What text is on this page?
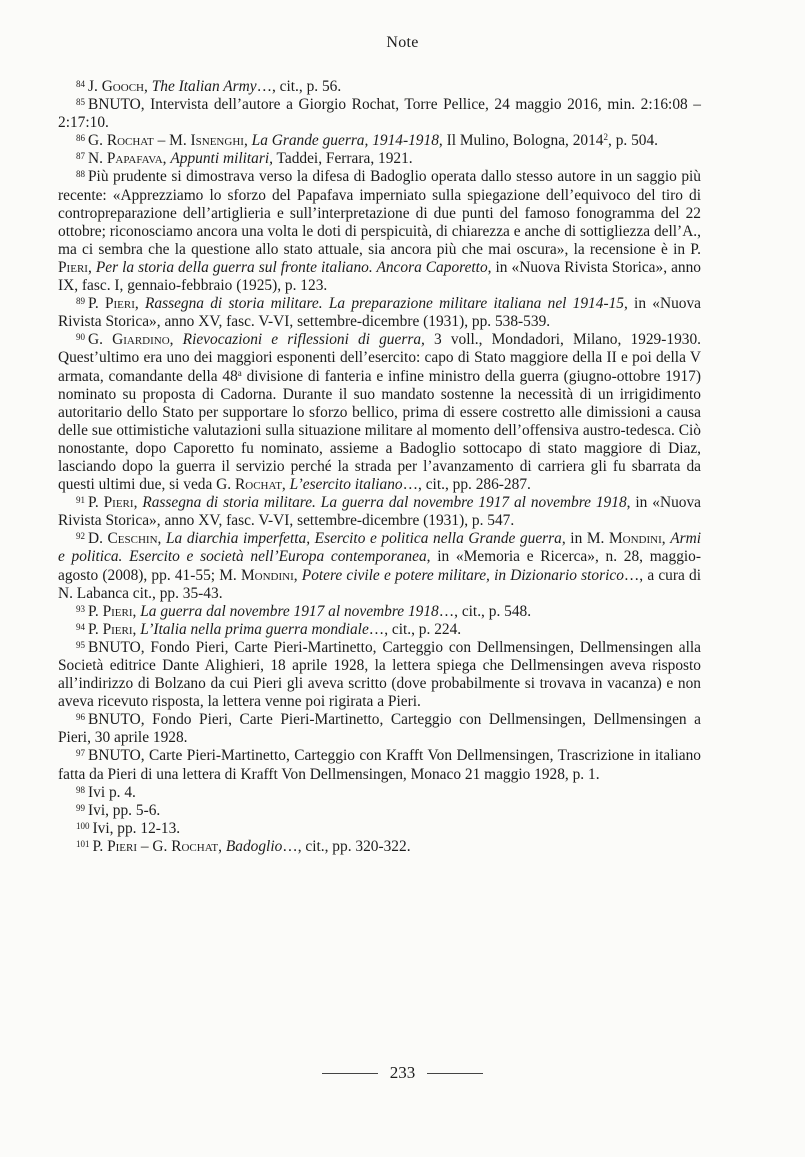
Note

$^{84}$ J. Gooch, The Italian Army…, cit., p. 56.

$^{85}$ BNUTO, Intervista dell’autore a Giorgio Rochat, Torre Pellice, 24 maggio 2016, min. 2:16:08 – 2:17:10.

$^{86}$ G. Rochat – M. Isnenghi, La Grande guerra, 1914-1918, Il Mulino, Bologna, 2014$^2$, p. 504.

$^{87}$ N. Papafava, Appunti militari, Taddei, Ferrara, 1921.

$^{88}$ Più prudente si dimostrava verso la difesa di Badoglio operata dallo stesso autore in un saggio più recente: «Apprezziamo lo sforzo del Papafava imperniato sulla spiegazione dell’equivoco del tiro di contropreparazione dell’artiglieria e sull’interpretazione di due punti del famoso fonogramma del 22 ottobre; riconosciamo ancora una volta le doti di perspicuità, di chiarezza e anche di sottigliezza dell’A., ma ci sembra che la questione allo stato attuale, sia ancora più che mai oscura», la recensione è in P. Pieri, Per la storia della guerra sul fronte italiano. Ancora Caporetto, in «Nuova Rivista Storica», anno IX, fasc. I, gennaio-febbraio (1925), p. 123.

$^{89}$ P. Pieri, Rassegna di storia militare. La preparazione militare italiana nel 1914-15, in «Nuova Rivista Storica», anno XV, fasc. V-VI, settembre-dicembre (1931), pp. 538-539.

$^{90}$ G. Giardino, Rievocazioni e riflessioni di guerra, 3 voll., Mondadori, Milano, 1929-1930. Quest’ultimo era uno dei maggiori esponenti dell’esercito: capo di Stato maggiore della II e poi della V armata, comandante della 48$^a$ divisione di fanteria e infine ministro della guerra (giugno-ottobre 1917) nominato su proposta di Cadorna. Durante il suo mandato sostenne la necessità di un irrigidimento autoritario dello Stato per supportare lo sforzo bellico, prima di essere costretto alle dimissioni a causa delle sue ottimistiche valutazioni sulla situazione militare al momento dell’offensiva austro-tedesca. Ciò nonostante, dopo Caporetto fu nominato, assieme a Badoglio sottocapo di stato maggiore di Diaz, lasciando dopo la guerra il servizio perché la strada per l’avanzamento di carriera gli fu sbarrata da questi ultimi due, si veda G. Rochat, L’esercito italiano…, cit., pp. 286-287.

$^{91}$ P. Pieri, Rassegna di storia militare. La guerra dal novembre 1917 al novembre 1918, in «Nuova Rivista Storica», anno XV, fasc. V-VI, settembre-dicembre (1931), p. 547.

$^{92}$ D. Ceschin, La diarchia imperfetta, Esercito e politica nella Grande guerra, in M. Mondini, Armi e politica. Esercito e società nell’Europa contemporanea, in «Memoria e Ricerca», n. 28, maggio-agosto (2008), pp. 41-55; M. Mondini, Potere civile e potere militare, in Dizionario storico…, a cura di N. Labanca cit., pp. 35-43.

$^{93}$ P. Pieri, La guerra dal novembre 1917 al novembre 1918…, cit., p. 548.

$^{94}$ P. Pieri, L’Italia nella prima guerra mondiale…, cit., p. 224.

$^{95}$ BNUTO, Fondo Pieri, Carte Pieri-Martinetto, Carteggio con Dellmensingen, Dellmensingen alla Società editrice Dante Alighieri, 18 aprile 1928, la lettera spiega che Dellmensingen aveva risposto all’indirizzo di Bolzano da cui Pieri gli aveva scritto (dove probabilmente si trovava in vacanza) e non aveva ricevuto risposta, la lettera venne poi rigirata a Pieri.

$^{96}$ BNUTO, Fondo Pieri, Carte Pieri-Martinetto, Carteggio con Dellmensingen, Dellmensingen a Pieri, 30 aprile 1928.

$^{97}$ BNUTO, Carte Pieri-Martinetto, Carteggio con Krafft Von Dellmensingen, Trascrizione in italiano fatta da Pieri di una lettera di Krafft Von Dellmensingen, Monaco 21 maggio 1928, p. 1.

$^{98}$ Ivi p. 4.

$^{99}$ Ivi, pp. 5-6.

$^{100}$ Ivi, pp. 12-13.

$^{101}$ P. Pieri – G. Rochat, Badoglio…, cit., pp. 320-322.

233
